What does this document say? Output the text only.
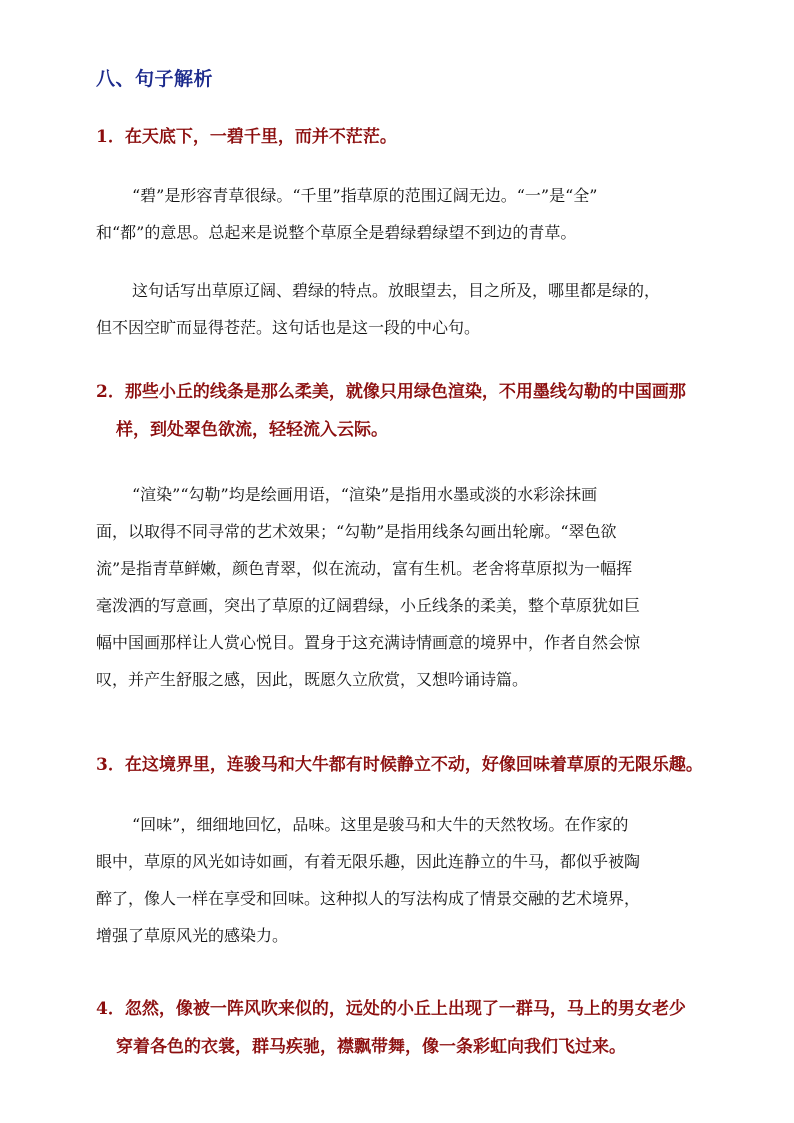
八、句子解析
1．在天底下，一碧千里，而并不茫茫。
“碧”是形容青草很绿。“千里”指草原的范围辽阔无边。“一”是“全”
和“都”的意思。总起来是说整个草原全是碧绿碧绿望不到边的青草。
这句话写出草原辽阔、碧绿的特点。放眼望去，目之所及，哪里都是绿的，
但不因空旷而显得苍茫。这句话也是这一段的中心句。
2．那些小丘的线条是那么柔美，就像只用绿色渲染，不用墨线勾勒的中国画那
样，到处翠色欲流，轻轻流入云际。
“渲染”“勾勒”均是绘画用语，“渲染”是指用水墨或淡的水彩涂抹画
面，以取得不同寻常的艺术效果；“勾勒”是指用线条勾画出轮廓。“翠色欲
流”是指青草鲜嫩，颜色青翠，似在流动，富有生机。老舍将草原拟为一幅挥
毫泼洒的写意画，突出了草原的辽阔碧绿，小丘线条的柔美，整个草原犹如巨
幅中国画那样让人赏心悦目。置身于这充满诗情画意的境界中，作者自然会惊
叹，并产生舒服之感，因此，既愿久立欣赏，又想吟诵诗篇。
3．在这境界里，连骏马和大牛都有时候静立不动，好像回味着草原的无限乐趣。
“回味”，细细地回忆，品味。这里是骏马和大牛的天然牧场。在作家的
眼中，草原的风光如诗如画，有着无限乐趣，因此连静立的牛马，都似乎被陶
醉了，像人一样在享受和回味。这种拟人的写法构成了情景交融的艺术境界，
增强了草原风光的感染力。
4．忽然，像被一阵风吹来似的，远处的小丘上出现了一群马，马上的男女老少
穿着各色的衣裳，群马疾驰，襟飘带舞，像一条彩虹向我们飞过来。
